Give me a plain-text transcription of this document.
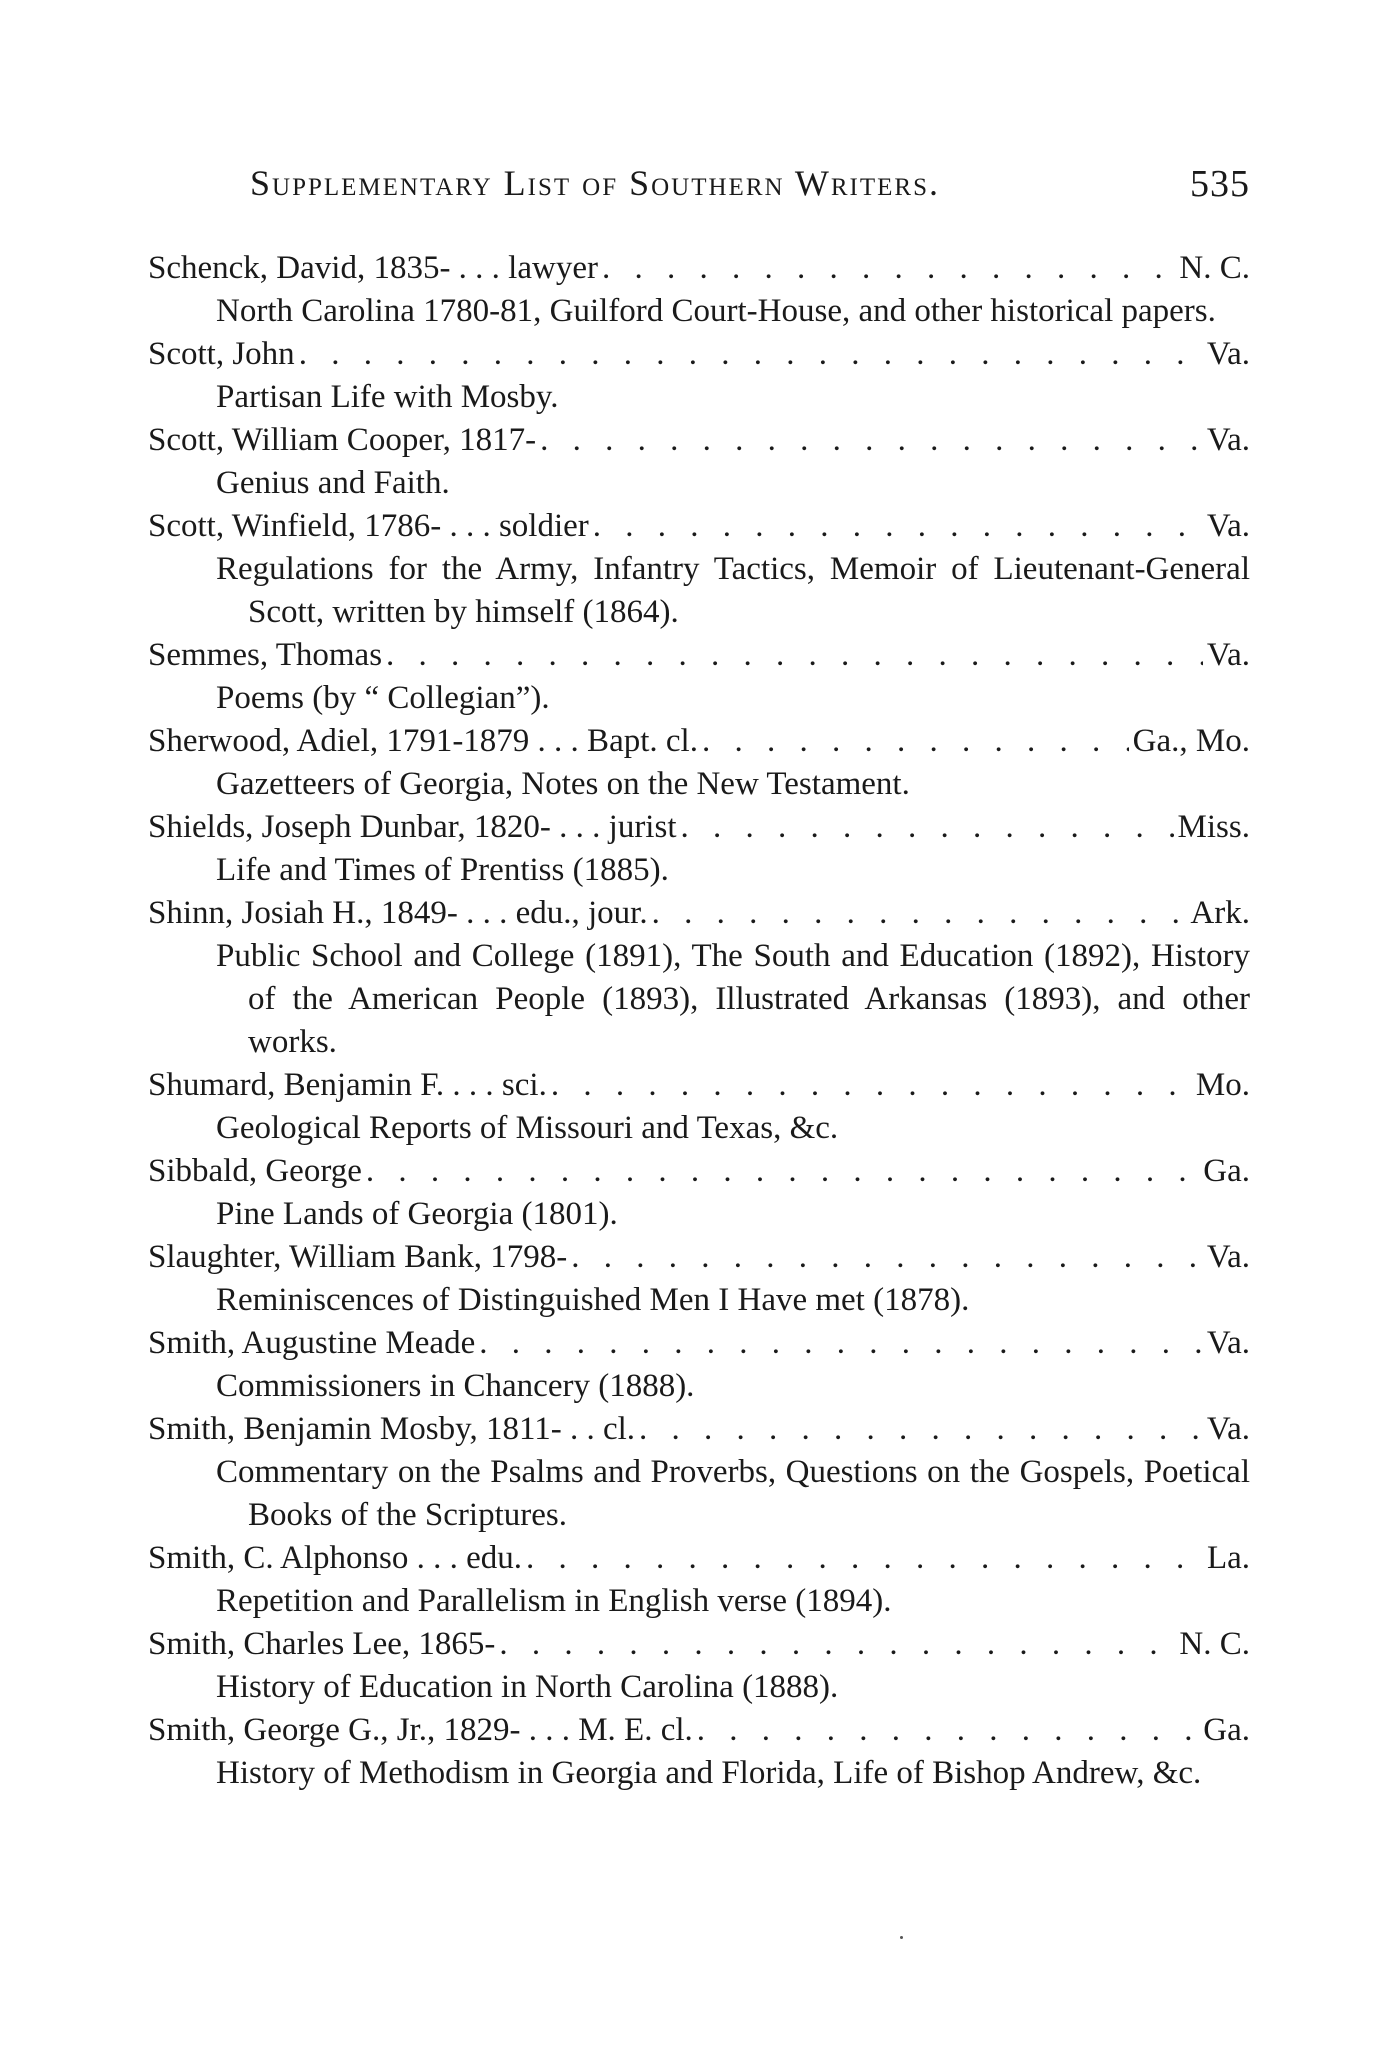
Supplementary List of Southern Writers.	535
Schenck, David, 1835- . . . lawyer . . .	N. C.
North Carolina 1780-81, Guilford Court-House, and other historical papers.
Scott, John . . .	Va.
Partisan Life with Mosby.
Scott, William Cooper, 1817- . . .	Va.
Genius and Faith.
Scott, Winfield, 1786- . . . soldier . . .	Va.
Regulations for the Army, Infantry Tactics, Memoir of Lieutenant-General Scott, written by himself (1864).
Semmes, Thomas . . .	Va.
Poems (by “ Collegian”).
Sherwood, Adiel, 1791-1879 . . . Bapt. cl. . . .	Ga., Mo.
Gazetteers of Georgia, Notes on the New Testament.
Shields, Joseph Dunbar, 1820- . . . jurist . . .	Miss.
Life and Times of Prentiss (1885).
Shinn, Josiah H., 1849- . . . edu., jour. . . .	Ark.
Public School and College (1891), The South and Education (1892), History of the American People (1893), Illustrated Arkansas (1893), and other works.
Shumard, Benjamin F. . . . sci. . . .	Mo.
Geological Reports of Missouri and Texas, &c.
Sibbald, George . . .	Ga.
Pine Lands of Georgia (1801).
Slaughter, William Bank, 1798- . . .	Va.
Reminiscences of Distinguished Men I Have met (1878).
Smith, Augustine Meade . . .	Va.
Commissioners in Chancery (1888).
Smith, Benjamin Mosby, 1811- . . cl. . . .	Va.
Commentary on the Psalms and Proverbs, Questions on the Gospels, Poetical Books of the Scriptures.
Smith, C. Alphonso . . . edu. . . .	La.
Repetition and Parallelism in English verse (1894).
Smith, Charles Lee, 1865- . . .	N. C.
History of Education in North Carolina (1888).
Smith, George G., Jr., 1829- . . . M. E. cl. . . .	Ga.
History of Methodism in Georgia and Florida, Life of Bishop Andrew, &c.
